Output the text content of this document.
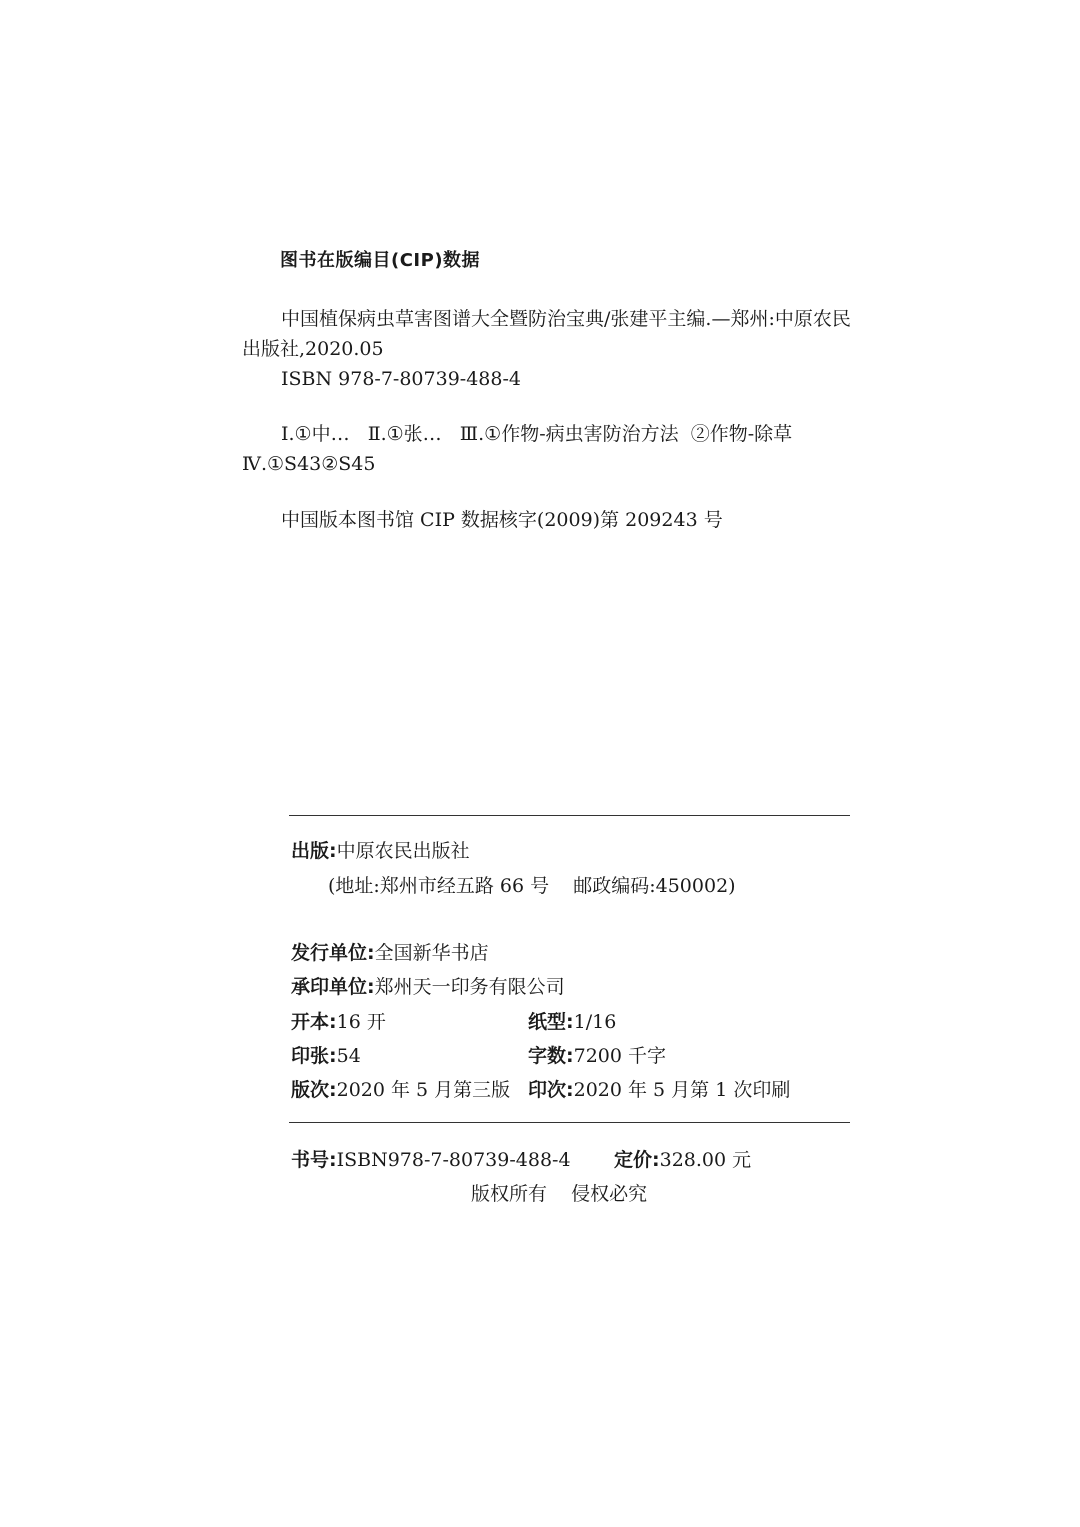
图书在版编目(CIP)数据
中国植保病虫草害图谱大全暨防治宝典/张建平主编.—郑州:中原农民
出版社,2020.05
ISBN 978-7-80739-488-4
Ⅰ.①中…   Ⅱ.①张…   Ⅲ.①作物-病虫害防治方法  ②作物-除草
Ⅳ.①S43②S45
中国版本图书馆 CIP 数据核字(2009)第 209243 号
出版:中原农民出版社
(地址:郑州市经五路 66 号    邮政编码:450002)
发行单位:全国新华书店
承印单位:郑州天一印务有限公司
开本:16 开	纸型:1/16
印张:54	字数:7200 千字
版次:2020 年 5 月第三版 印次:2020 年 5 月第 1 次印刷
书号:ISBN978-7-80739-488-4 定价:328.00 元
版权所有    侵权必究
